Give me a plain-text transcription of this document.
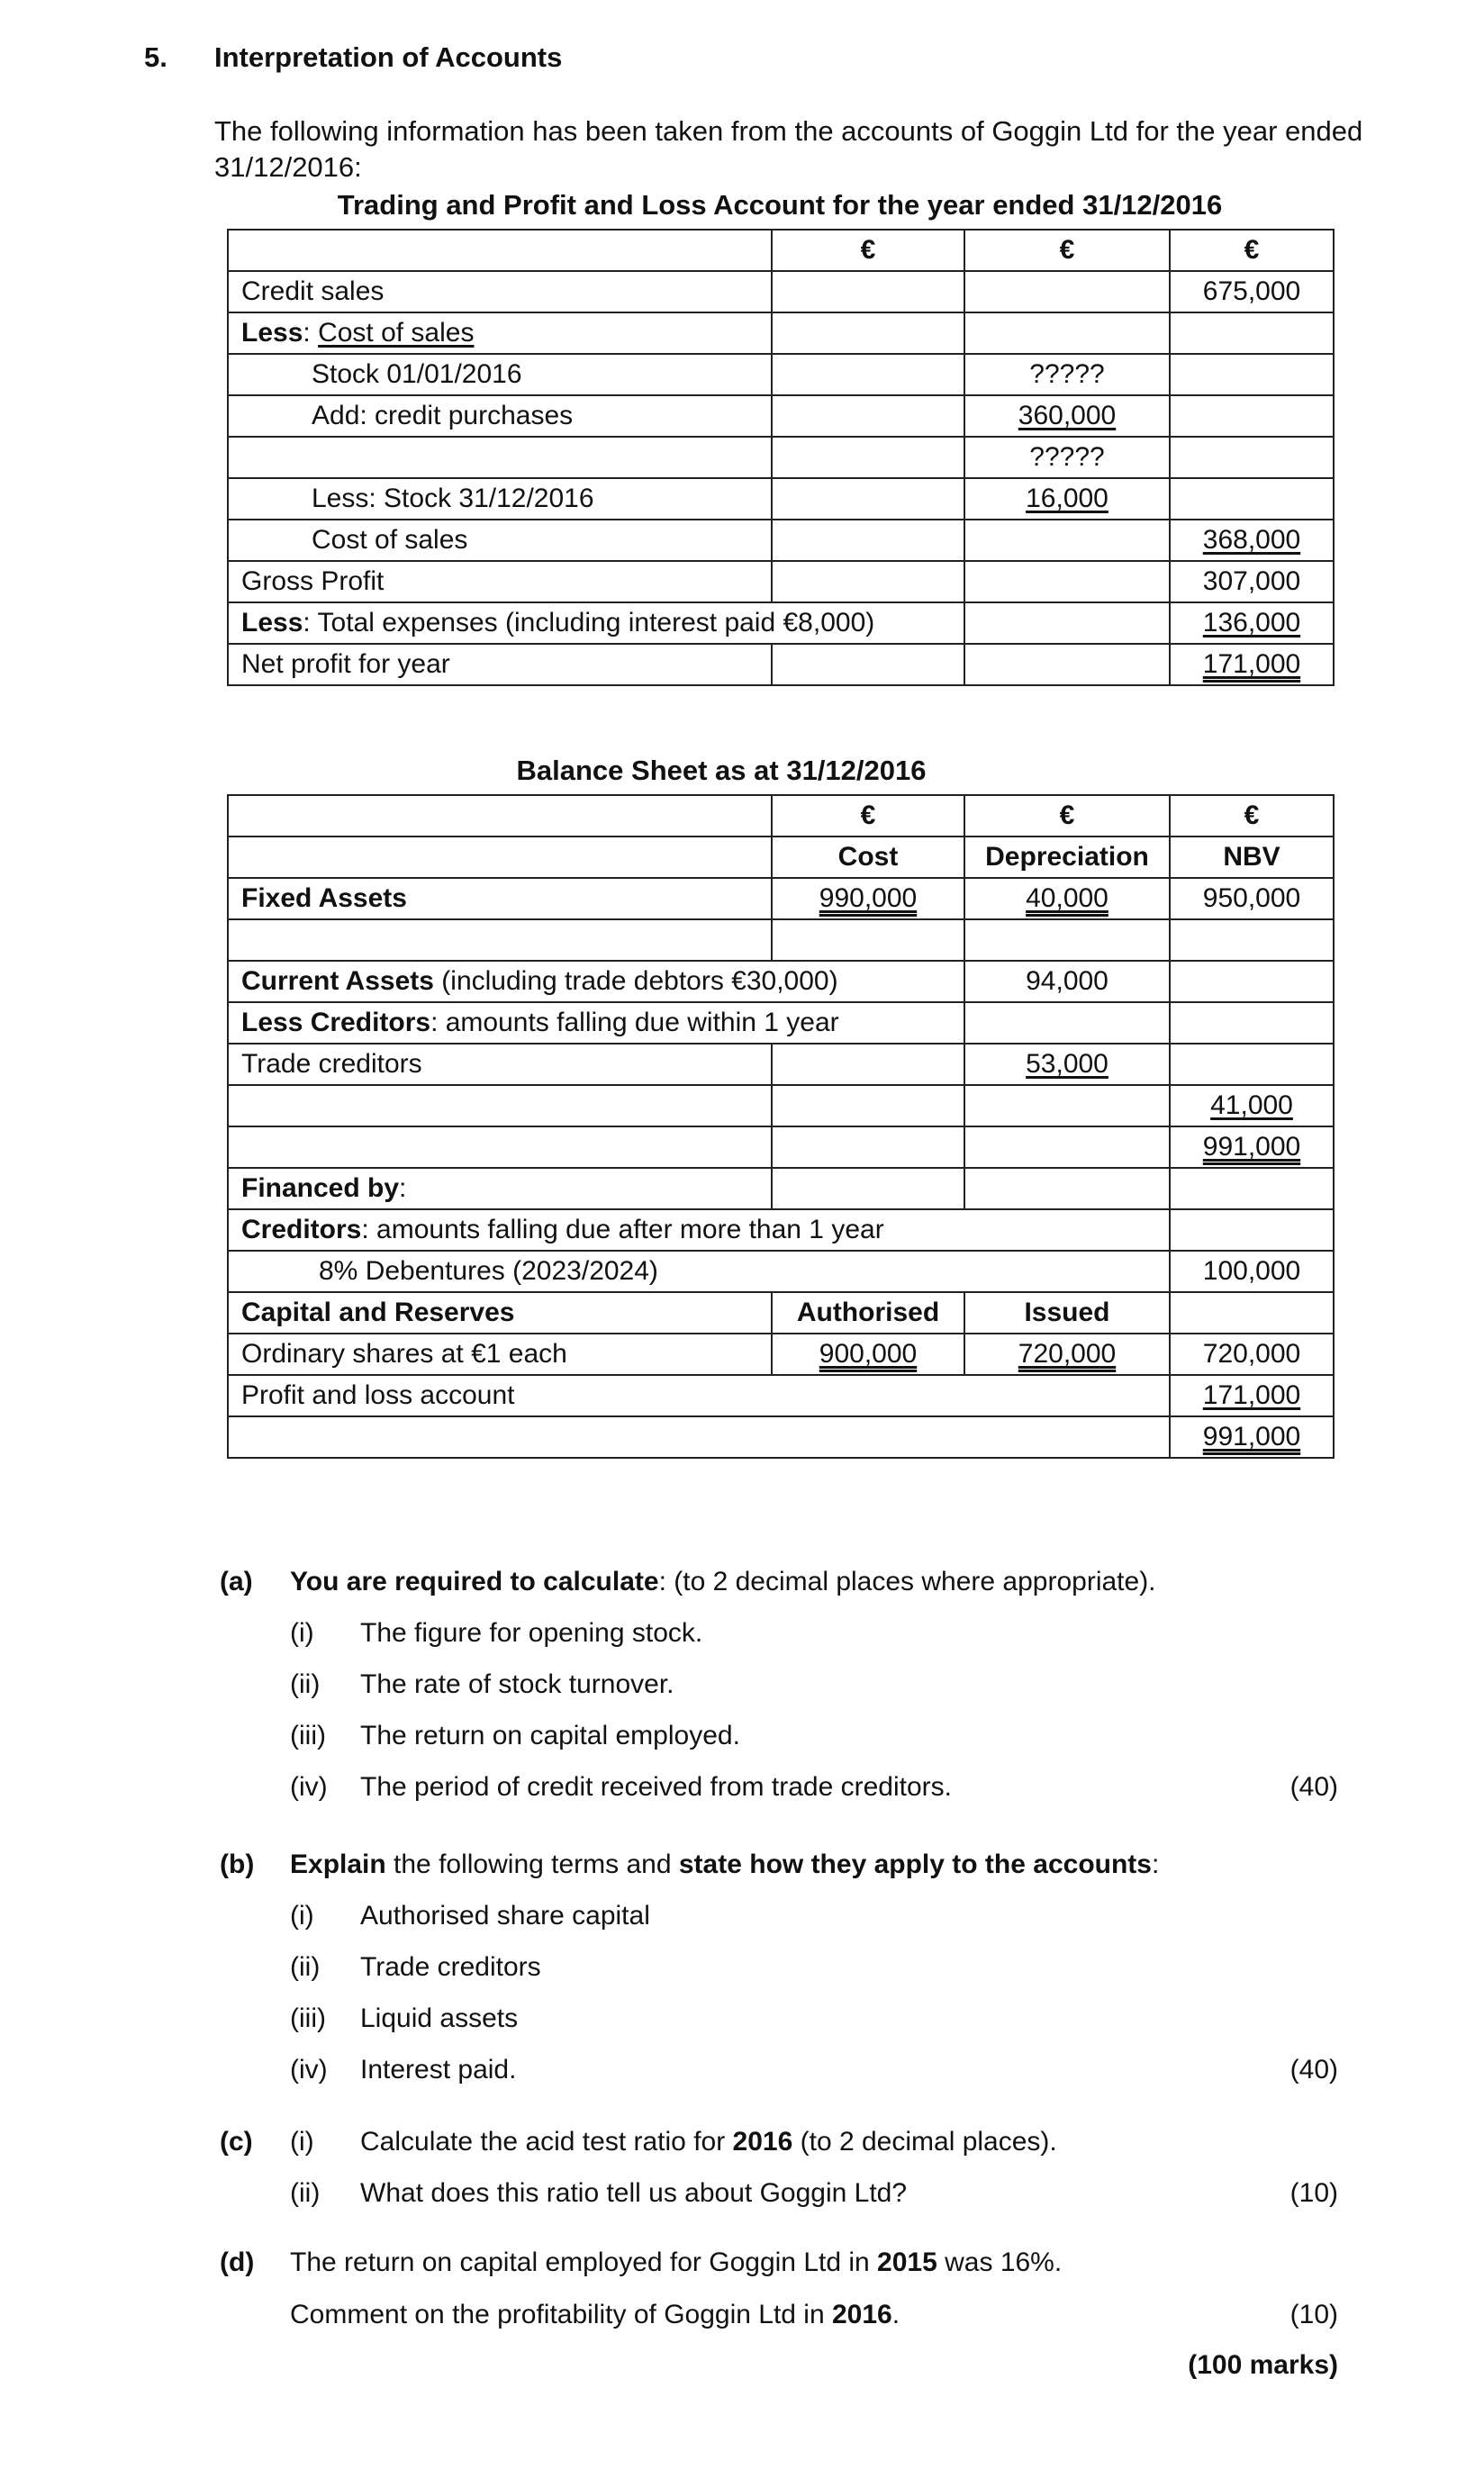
5. Interpretation of Accounts
The following information has been taken from the accounts of Goggin Ltd for the year ended 31/12/2016:
Trading and Profit and Loss Account for the year ended 31/12/2016
	€	€	€
Credit sales			675,000
Less: Cost of sales			
Stock 01/01/2016		?????	
Add: credit purchases		360,000	
		?????	
Less: Stock 31/12/2016		16,000	
Cost of sales			368,000
Gross Profit			307,000
Less: Total expenses (including interest paid €8,000)			136,000
Net profit for year			171,000
Balance Sheet as at 31/12/2016
	€	€	€
	Cost	Depreciation	NBV
Fixed Assets	990,000	40,000	950,000

Current Assets (including trade debtors €30,000)		94,000	
Less Creditors: amounts falling due within 1 year			
Trade creditors		53,000	
			41,000
			991,000
Financed by:			
Creditors: amounts falling due after more than 1 year			
8% Debentures (2023/2024)			100,000
Capital and Reserves	Authorised	Issued	
Ordinary shares at €1 each	900,000	720,000	720,000
Profit and loss account			171,000
			991,000
(a) You are required to calculate: (to 2 decimal places where appropriate).
(i) The figure for opening stock.
(ii) The rate of stock turnover.
(iii) The return on capital employed.
(iv) The period of credit received from trade creditors.	(40)
(b) Explain the following terms and state how they apply to the accounts:
(i) Authorised share capital
(ii) Trade creditors
(iii) Liquid assets
(iv) Interest paid.	(40)
(c) (i) Calculate the acid test ratio for 2016 (to 2 decimal places).
(ii) What does this ratio tell us about Goggin Ltd?	(10)
(d) The return on capital employed for Goggin Ltd in 2015 was 16%.
Comment on the profitability of Goggin Ltd in 2016.	(10)
(100 marks)
